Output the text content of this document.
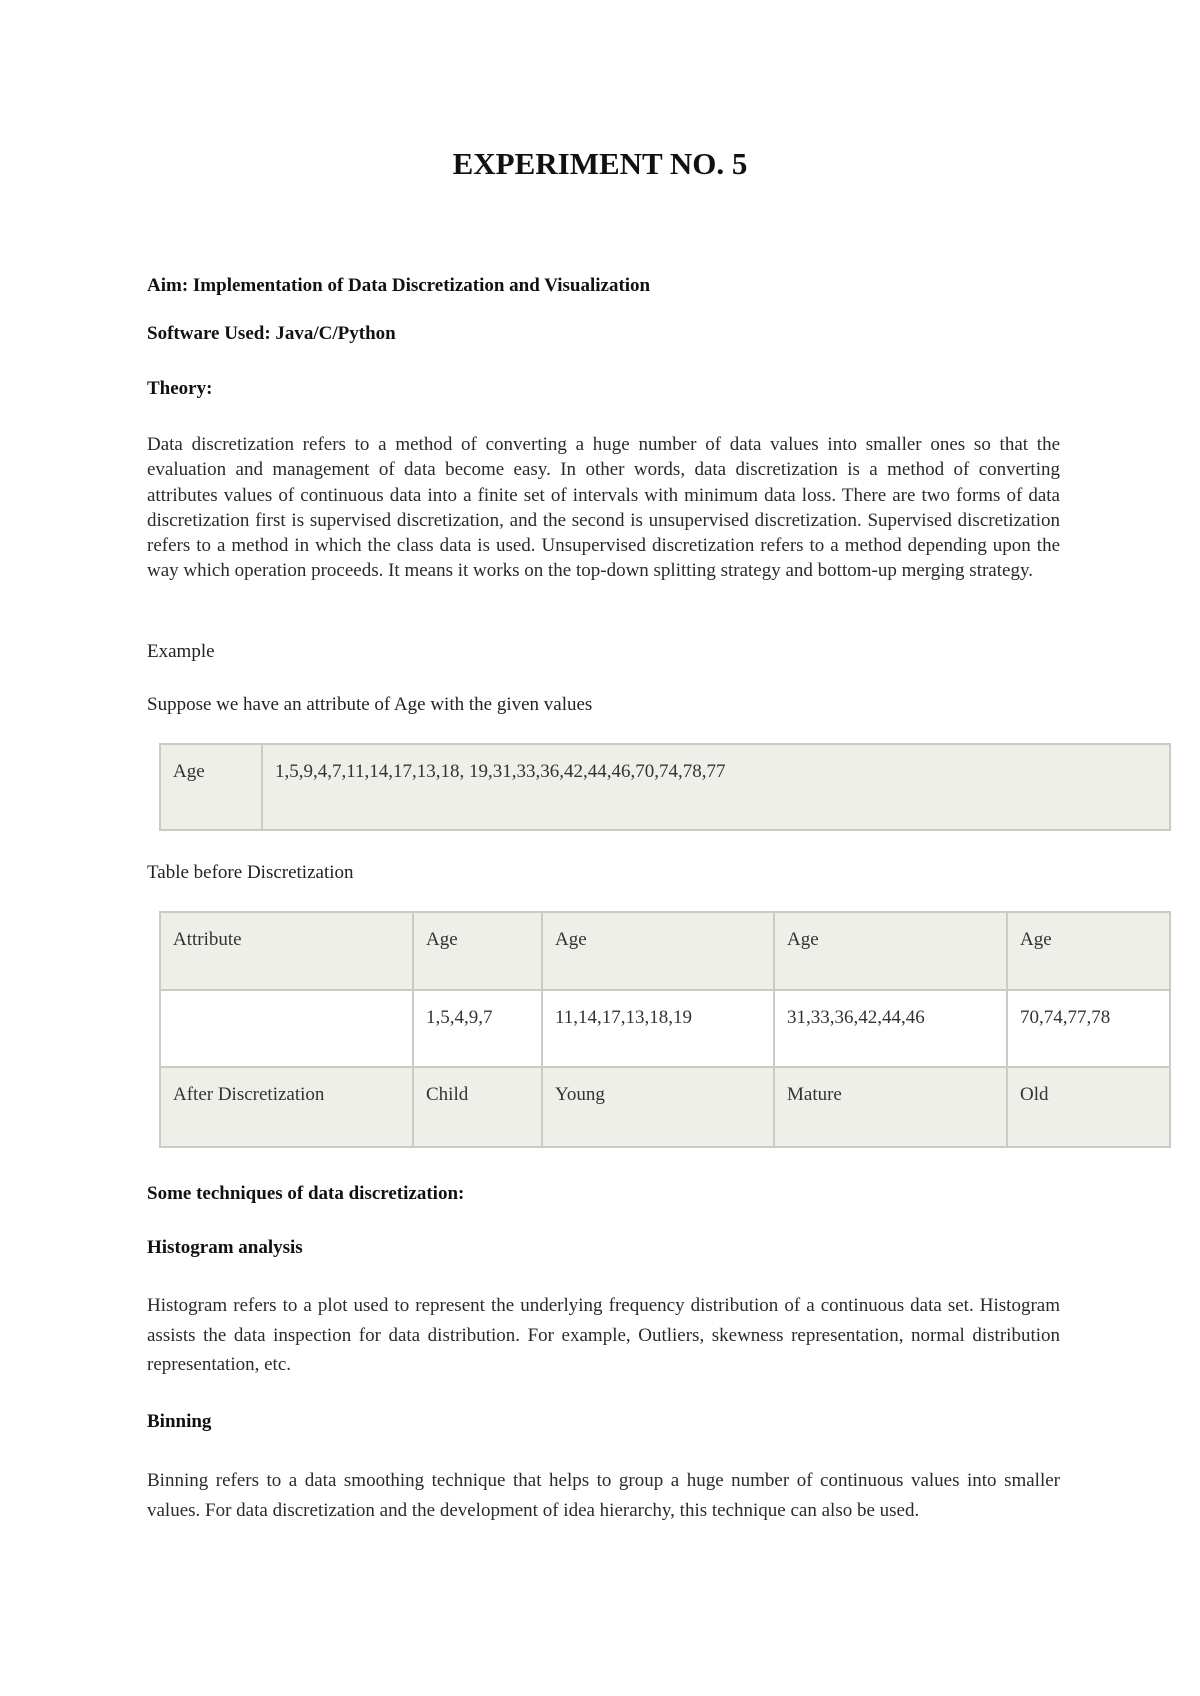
EXPERIMENT NO. 5
Aim: Implementation of Data Discretization and Visualization
Software Used: Java/C/Python
Theory:
Data discretization refers to a method of converting a huge number of data values into smaller ones so that the evaluation and management of data become easy. In other words, data discretization is a method of converting attributes values of continuous data into a finite set of intervals with minimum data loss. There are two forms of data discretization first is supervised discretization, and the second is unsupervised discretization. Supervised discretization refers to a method in which the class data is used. Unsupervised discretization refers to a method depending upon the way which operation proceeds. It means it works on the top-down splitting strategy and bottom-up merging strategy.
Example
Suppose we have an attribute of Age with the given values
Age	1,5,9,4,7,11,14,17,13,18, 19,31,33,36,42,44,46,70,74,78,77
Table before Discretization
Attribute	Age	Age	Age	Age
	1,5,4,9,7	11,14,17,13,18,19	31,33,36,42,44,46	70,74,77,78
After Discretization	Child	Young	Mature	Old
Some techniques of data discretization:
Histogram analysis
Histogram refers to a plot used to represent the underlying frequency distribution of a continuous data set. Histogram assists the data inspection for data distribution. For example, Outliers, skewness representation, normal distribution representation, etc.
Binning
Binning refers to a data smoothing technique that helps to group a huge number of continuous values into smaller values. For data discretization and the development of idea hierarchy, this technique can also be used.
